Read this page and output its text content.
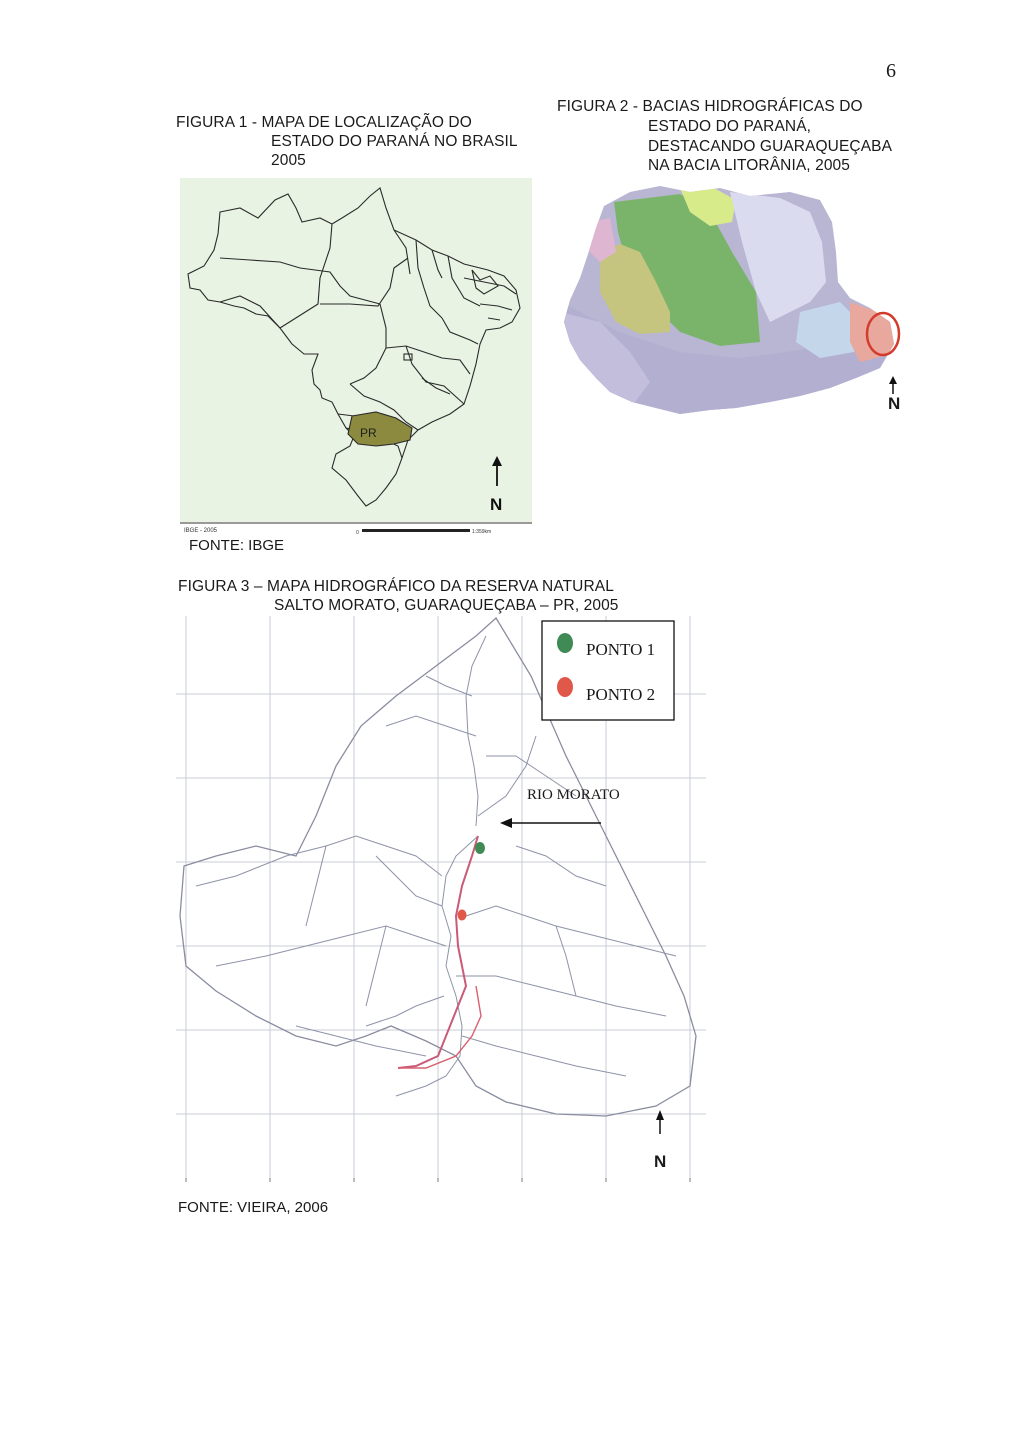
6
FIGURA 1 - MAPA DE LOCALIZAÇÃO DO
ESTADO DO PARANÁ NO BRASIL
2005
FIGURA 2 - BACIAS HIDROGRÁFICAS DO
ESTADO DO PARANÁ,
DESTACANDO GUARAQUEÇABA
NA BACIA LITORÂNIA, 2005
PR
N
IBGE - 2005	0	1:359km
FONTE: IBGE
N
FIGURA 3 – MAPA HIDROGRÁFICO DA RESERVA NATURAL
SALTO MORATO, GUARAQUEÇABA – PR, 2005
PONTO 1
PONTO 2
RIO MORATO
N
FONTE: VIEIRA, 2006
